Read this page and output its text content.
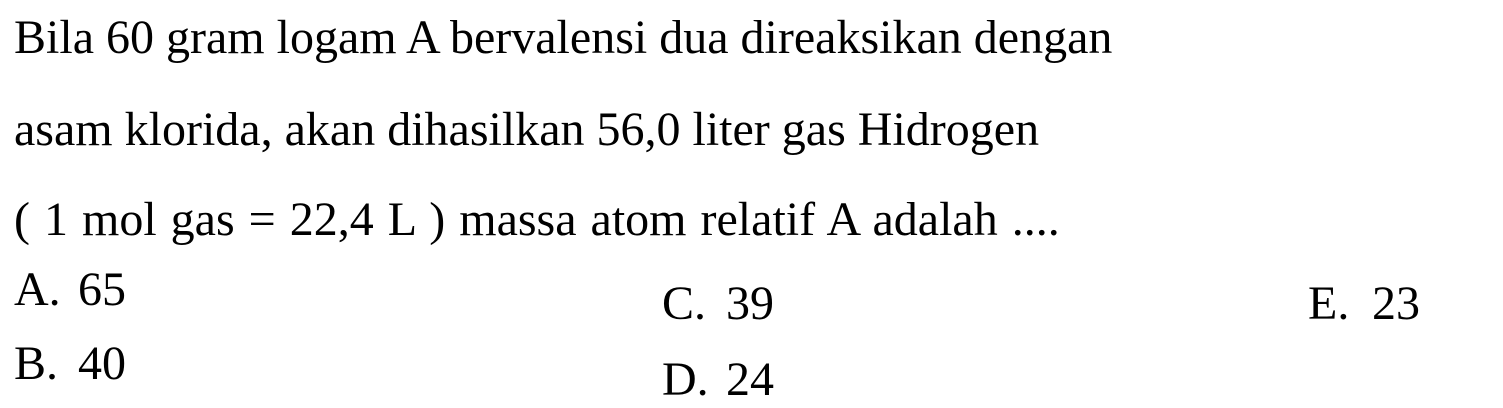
Bila 60 gram logam A bervalensi dua direaksikan dengan
asam klorida, akan dihasilkan 56,0 liter gas Hidrogen
( 1 mol gas = 22,4 L ) massa atom relatif A adalah ....
A. 65
B. 40
C. 39
D. 24
E. 23
